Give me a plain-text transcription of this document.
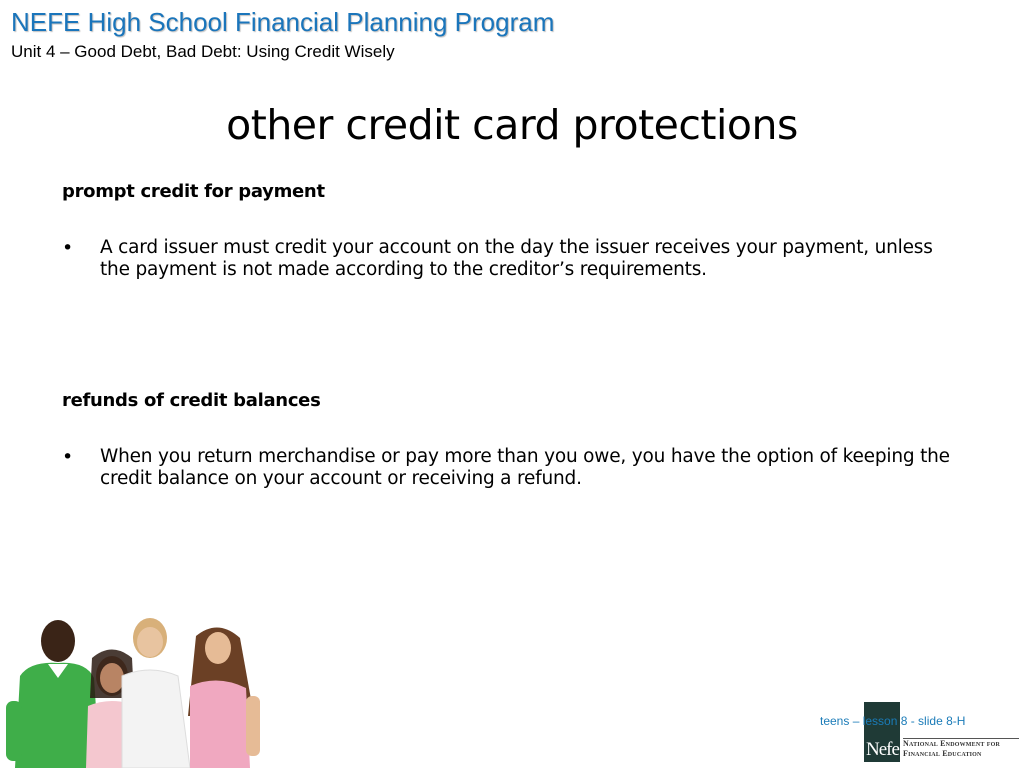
NEFE High School Financial Planning Program
Unit 4 – Good Debt, Bad Debt: Using Credit Wisely
other credit card protections
prompt credit for payment
• A card issuer must credit your account on the day the issuer receives your payment, unless the payment is not made according to the creditor’s requirements.
refunds of credit balances
• When you return merchandise or pay more than you owe, you have the option of keeping the credit balance on your account or receiving a refund.
teens – lesson 8 - slide 8-H
Nefe National Endowment for
Financial Education
